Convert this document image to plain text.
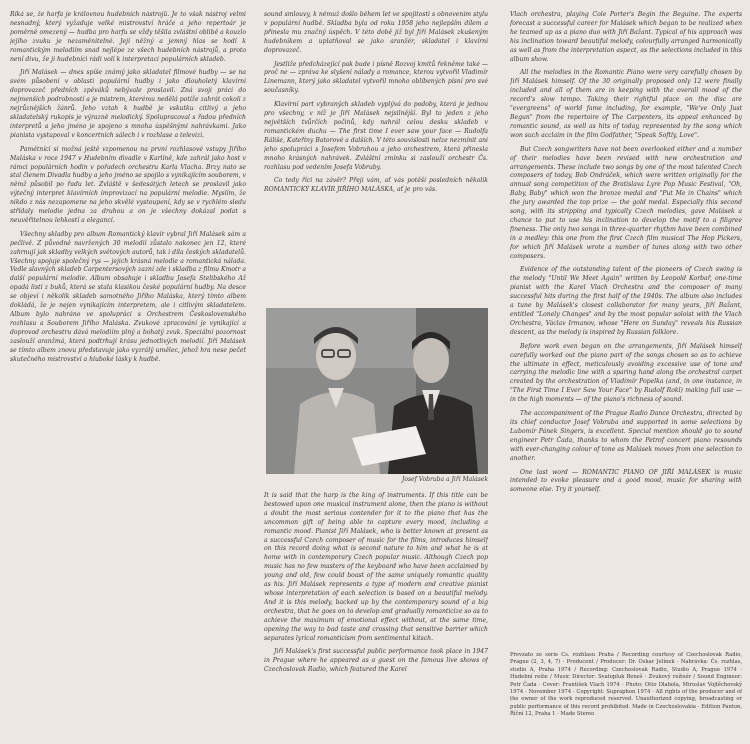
Říká se, že harfa je královnou hudebních nástrojů. Je to však nástroj velmi nesnadný, který vyžaduje velké mistrovství hráče a jeho repertoár je poměrně omezený — hudba pro harfu se vždy těšila zvláštní oblibě a kouzlo jejího zvuku je nezaměnitelné. Její něžný a jemný hlas se hodí k romantickým melodiím snad nejlépe ze všech hudebních nástrojů, a proto není divu, že ji hudebníci rádi volí k interpretaci populárních skladeb.

Jiří Malásek — dnes spíše známý jako skladatel filmové hudby — se na svém působení v oblasti populární hudby i jako dlouholetý klavírní doprovazeč předních zpěváků nebývale proslavil. Zná svoji práci do nejmenších podrobností a je mistrem, kterému nedělá potíže zahrát cokoli z nejrůznějších žánrů. Jeho vztah k hudbě je vskutku citlivý a jeho skladatelský rukopis je výrazně melodický. Spolupracoval s řadou předních interpretů a jeho jméno je spojeno s mnoha úspěšnými nahrávkami. Jako pianista vystupoval v koncertních sálech i v rozhlase a televizi.

Pamětníci si možná ještě vzpomenou na první rozhlasové vstupy Jiřího Maláska v roce 1947 v Hudebním divadle v Karlíně, kde zahrál jako host v rámci populárních hodin v pořadech orchestru Karla Vlacha. Brzy nato se stal členem Divadla hudby a jeho jméno se spojilo s vynikajícím souborem, v němž působil po řadu let. Zvláště v šedesátých letech se proslavil jako výtečný interpret klavírních improvizací na populární melodie. Myslím, že nikdo z nás nezapomene na jeho skvělé vystoupení, kdy se v rychlém sledu střídaly melodie jedna za druhou a on je všechny dokázal podat s neuvěřitelnou lehkostí a elegancí.

Všechny skladby pro album Romantický klavír vybral Jiří Malásek sám a pečlivě. Z původně navržených 30 melodií zůstalo nakonec jen 12, které zahrnují jak skladby velkých světových autorů, tak i díla českých skladatelů. Všechny spojuje společný rys — jejich krásná melodie a romantická nálada. Vedle slavných skladeb Carpentersových zazní zde i skladba z filmu Kmotr a další populární melodie. Album obsahuje i skladbu Josefa Stelibského Až opadá listí z buků, která se stala klasikou české populární hudby. Na desce se objeví i několik skladeb samotného Jiřího Maláska, který tímto albem dokládá, že je nejen vynikajícím interpretem, ale i citlivým skladatelem. Album bylo nahráno ve spolupráci s Orchestrem Československého rozhlasu a Souborem Jiřího Maláska. Zvukové zpracování je vynikající a doprovod orchestru dává melodiím plný a bohatý zvuk. Speciální pozornost zaslouží aranžmá, která podtrhují krásu jednotlivých melodií. Jiří Malásek se tímto albem znovu představuje jako vyzrálý umělec, jehož hra nese pečeť skutečného mistrovství a hluboké lásky k hudbě.

sound smlouvy, k němuž došlo během let ve spojitosti s obnovením stylu v populární hudbě. Skladba byla od roku 1958 jeho nejlepším dílem a přinesla mu značný úspěch. V této době již byl Jiří Malásek zkušeným hudebníkem a uplatňoval se jako aranžér, skladatel i klavírní doprovazeč.

Jestliže předcházející pak bude i písně Rozvoj kmitů řekněme také — proč ne — zpráva ke slyšení nálady a romance, kterou vytvořil Vladimír Linemann, který jako skladatel vytvořil mnoho oblíbených písní pro své současníky.

Klavírní part vybraných skladeb vyplývá do podoby, která je jednou pro všechny, v níž je Jiří Malásek nejsilnější. Byl to jeden z jeho největších tvůrčích počinů, kdy nahrál celou desku skladeb v romantickém duchu — The first time I ever saw your face — Rudolfa Ráliše, Kateřiny Batorové a dalších. V této souvislosti nelze nezmínit ani jeho spolupráci s Josefem Vobruhou a jeho orchestrem, která přinesla mnoho krásných nahrávek. Zvláštní zmínku si zaslouží orchestr Čs. rozhlasu pod vedením Josefa Vobruby.

Co tedy říci na závěr? Přeji vám, ať vás potěší posledních několik ROMANTICKÝ KLAVÍR JIŘÍHO MALÁSKA, ať je pro vás.

Josef Vobruba a Jiří Malásek

It is said that the harp is the king of instruments. If this title can be bestowed upon one musical instrument alone, then the piano is without a doubt the most serious contender for it to the piano that has the uncommon gift of being able to capture every mood, including a romantic mood. Pianist Jiří Malásek, who is better known at present as a successful Czech composer of music for the films, introduces himself on this record doing what is second nature to him and what he is at home with in contemporary Czech popular music. Although Czech pop music has no few masters of the keyboard who have been acclaimed by young and old, few could boast of the same uniquely romantic quality as his. Jiří Malásek represents a type of modern and creative pianist whose interpretation of each selection is based on a beautiful melody. And it is this melody, backed up by the contemporary sound of a big orchestra, that he goes on to develop and gradually romanticize so as to achieve the maximum of emotional effect without, at the same time, opening the way to bad taste and crossing that sensitive barrier which separates lyrical romanticism from sentimental kitsch.

Jiří Malásek's first successful public performance took place in 1947 in Prague where he appeared as a guest on the famous live shows of Czechoslovak Radio, which featured the Karel

Vlach orchestra, playing Cole Porter's Begin the Beguine. The experts forecast a successful career for Malásek which began to be realized when he teamed up as a piano duo with Jiří Bažant. Typical of his approach was his inclination toward beautiful melody, colourfully arranged harmonically as well as from the interpretation aspect, as the selections included in this album show.

All the melodies in the Romantic Piano were very carefully chosen by Jiří Malásek himself. Of the 30 originally proposed only 12 were finally included and all of them are in keeping with the overall mood of the record's slow tempo. Taking their rightful place on the disc are "evergreens" of world fame including, for example, "We've Only Just Begun" from the repertoire of The Carpenters, its appeal enhanced by romantic sound, as well as hits of today, represented by the song which won such acclaim in the film Godfather, "Speak Softly, Love".

But Czech songwriters have not been overlooked either and a number of their melodies have been revised with new orchestration and arrangements. These include two songs by one of the most talented Czech composers of today, Bob Ondráček, which were written originally for the annual song competition of the Bratislava Lyre Pop Music Festival, "Oh, Baby, Baby" which won the bronze medal and "Put Me in Chains" which the jury awarded the top prize — the gold medal. Especially this second song, with its stripping and typically Czech melodies, gave Malásek a chance to put to use his inclination to develop the motif to a filigree fineness. The only two songs in three-quarter rhythm have been combined in a medley: this one from the first Czech film musical The Hop Pickers, for which Jiří Malásek wrote a number of tunes along with two other composers.

Evidence of the outstanding talent of the pioneers of Czech swing is the melody "Until We Meet Again" written by Leopold Korbař, one-time pianist with the Karel Vlach Orchestra and the composer of many successful hits during the first half of the 1940s. The album also includes a tune by Malásek's closest collaborator for many years, Jiří Bažant, entitled "Lonely Changes" and by the most popular soloist with the Vlach Orchestra, Václav Irmanov, whose "Here on Sunday" reveals his Russian descent, as the melody is inspired by Russian folklore.

Before work even began on the arrangements, Jiří Malásek himself carefully worked out the piano part of the songs chosen so as to achieve the ultimate in effect, meticulously avoiding excessive use of tone and carrying the melodic line with a sparing hand along the orchestral carpet created by the orchestration of Vladimír Popelka (and, in one instance, in "The First Time I Ever Saw Your Face" by Rudolf Rokl) making full use — in the high moments — of the piano's richness of sound.

The accompaniment of the Prague Radio Dance Orchestra, directed by its chief conductor Josef Vobruba and supported in some selections by Lubomír Pánek Singers, is excellent. Special mention should go to sound engineer Petr Čada, thanks to whom the Petrof concert piano resounds with ever-changing colour of tone as Malásek moves from one selection to another.

One last word — ROMANTIC PIANO OF JIŘÍ MALÁSEK is music intended to evoke pleasure and a good mood, music for sharing with someone else. Try it yourself.

Převzato ze série Čs. rozhlasu Praha / Recording courtesy of Czechoslovak Radio, Prague (2, 3, 4, 7) · Producent / Producer: Dr. Oskar Jelínek · Nahrávka: Čs. rozhlas, studio A, Praha 1974 / Recording: Czechoslovak Radio, Studio A, Prague 1974 · Hudební režie / Music Director: Svatopluk Beneš · Zvukový režisér / Sound Engineer: Petr Čada · Cover: František Vlach 1974 · Photo: Otto Dlabola, Miroslav Vojtěchovský 1974 · November 1974 · Copyright: Supraphon 1974 · All rights of the producer and of the owner of the work reproduced reserved. Unauthorized copying, broadcasting or public performance of this record prohibited. Made in Czechoslovakia · Edition Panton, Říční 12, Praha 1 · Made Stereo
